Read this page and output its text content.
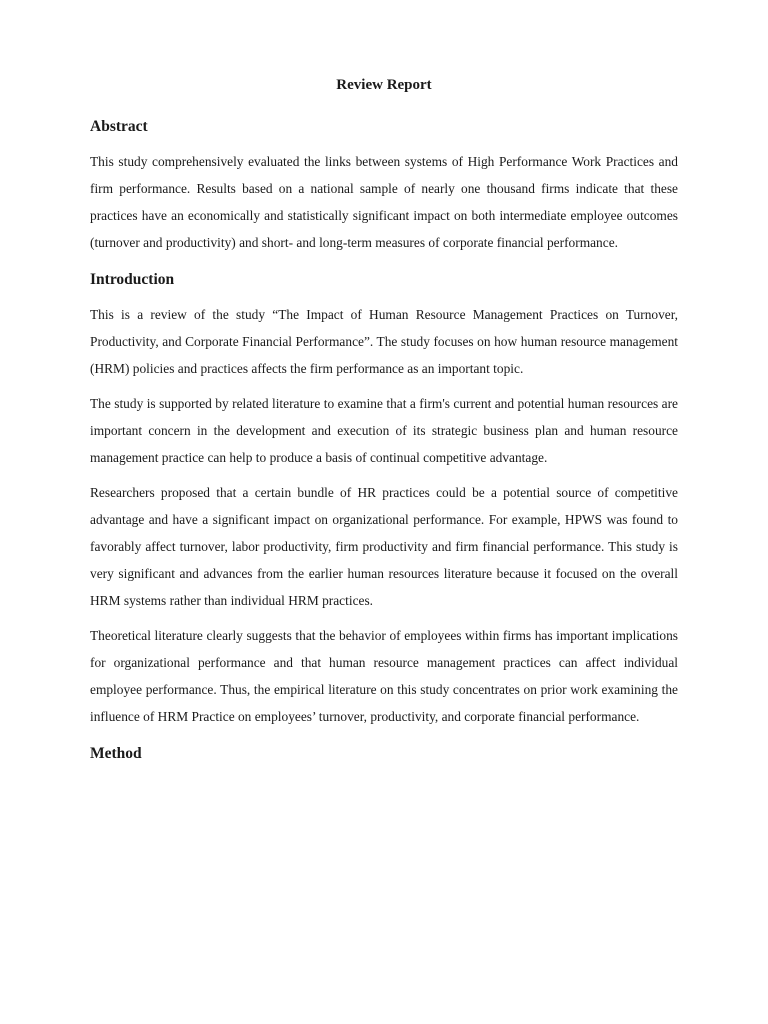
Review Report
Abstract

This study comprehensively evaluated the links between systems of High Performance Work Practices and firm performance. Results based on a national sample of nearly one thousand firms indicate that these practices have an economically and statistically significant impact on both intermediate employee outcomes (turnover and productivity) and short- and long-term measures of corporate financial performance.

Introduction

This is a review of the study “The Impact of Human Resource Management Practices on Turnover, Productivity, and Corporate Financial Performance”. The study focuses on how human resource management (HRM) policies and practices affects the firm performance as an important topic.

The study is supported by related literature to examine that a firm's current and potential human resources are important concern in the development and execution of its strategic business plan and human resource management practice can help to produce a basis of continual competitive advantage.

Researchers proposed that a certain bundle of HR practices could be a potential source of competitive advantage and have a significant impact on organizational performance. For example, HPWS was found to favorably affect turnover, labor productivity, firm productivity and firm financial performance. This study is very significant and advances from the earlier human resources literature because it focused on the overall HRM systems rather than individual HRM practices.

Theoretical literature clearly suggests that the behavior of employees within firms has important implications for organizational performance and that human resource management practices can affect individual employee performance. Thus, the empirical literature on this study concentrates on prior work examining the influence of HRM Practice on employees’ turnover, productivity, and corporate financial performance.

Method
